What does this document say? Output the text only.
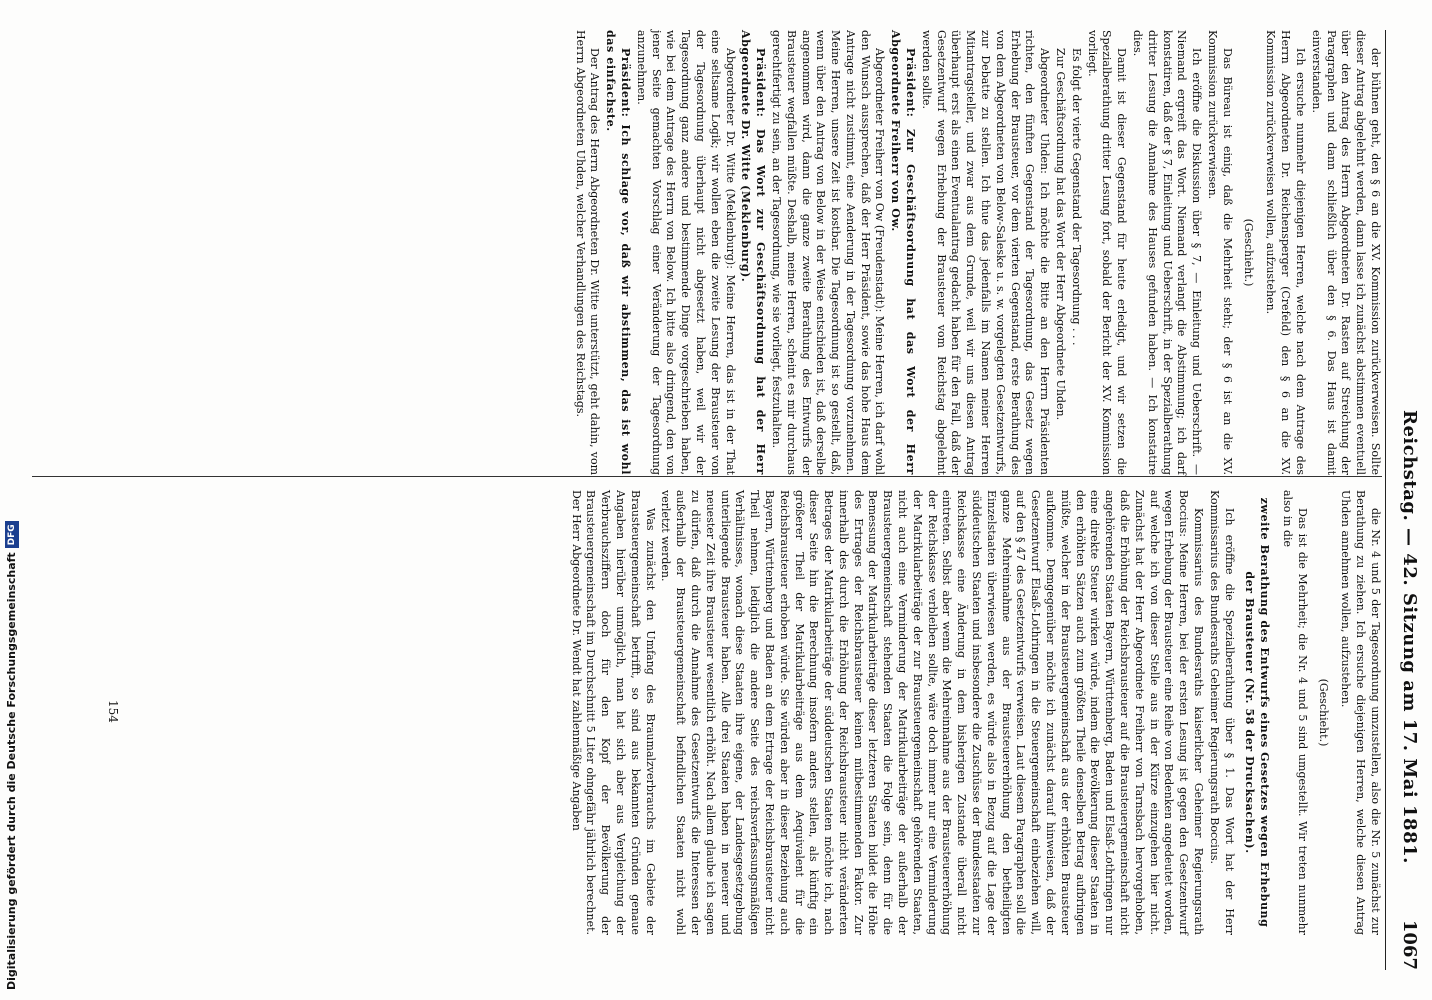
Reichstag. — 42. Sitzung am 17. Mai 1881.
1067

der bühnen geht, den § 6 an die XV. Kommission zurückverweisen. Sollte dieser Antrag abgelehnt werden, dann lasse ich zunächst abstimmen eventuell über den Antrag des Herrn Abgeordneten Dr. Rasten auf Streichung der Paragraphen und dann schließlich über den § 6. Das Haus ist damit einverstanden.

Ich ersuche nunmehr diejenigen Herren, welche nach dem Antrage des Herrn Abgeordneten Dr. Reichensperger (Crefeld) den § 6 an die XV. Kommission zurückverweisen wollen, aufzustehen.

(Geschieht.)

Das Büreau ist einig, daß die Mehrheit steht; der § 6 ist an die XV. Kommission zurückverwiesen.

Ich eröffne die Diskussion über § 7, — Einleitung und Ueberschrift. — Niemand ergreift das Wort. Niemand verlangt die Abstimmung; ich darf konstatiren, daß der § 7, Einleitung und Ueberschrift, in der Spezialberathung dritter Lesung die Annahme des Hauses gefunden haben. — Ich konstatire dies.

Damit ist dieser Gegenstand für heute erledigt, und wir setzen die Spezialberathung dritter Lesung fort, sobald der Bericht der XV. Kommission vorliegt.

Es folgt der vierte Gegenstand der Tagesordnung . . .

Zur Geschäftsordnung hat das Wort der Herr Abgeordnete Uhden.

Abgeordneter Uhden: Ich möchte die Bitte an den Herrn Präsidenten richten, den fünften Gegenstand der Tagesordnung, das Gesetz wegen Erhebung der Brausteuer, vor dem vierten Gegenstand, erste Berathung des von dem Abgeordneten von Below-Saleske u. s. w. vorgelegten Gesetzentwurfs, zur Debatte zu stellen. Ich thue das jedenfalls im Namen meiner Herren Mitantragsteller, und zwar aus dem Grunde, weil wir uns diesen Antrag überhaupt erst als einen Eventualantrag gedacht haben für den Fall, daß der Gesetzentwurf wegen Erhebung der Brausteuer vom Reichstag abgelehnt werden sollte.

Präsident: Zur Geschäftsordnung hat das Wort der Herr Abgeordnete Freiherr von Ow.

Abgeordneter Freiherr von Ow (Freudenstadt): Meine Herren, ich darf wohl den Wunsch aussprechen, daß der Herr Präsident, sowie das hohe Haus dem Antrage nicht zustimmt, eine Aenderung in der Tagesordnung vorzunehmen. Meine Herren, unsere Zeit ist kostbar. Die Tagesordnung ist so gestellt, daß, wenn über den Antrag von Below in der Weise entschieden ist, daß derselbe angenommen wird, dann die ganze zweite Berathung des Entwurfs der Brausteuer wegfallen müßte. Deshalb, meine Herren, scheint es mir durchaus gerechtfertigt zu sein, an der Tagesordnung, wie sie vorliegt, festzuhalten.

Präsident: Das Wort zur Geschäftsordnung hat der Herr Abgeordnete Dr. Witte (Meklenburg).

Abgeordneter Dr. Witte (Meklenburg): Meine Herren, das ist in der That eine seltsame Logik; wir wollen eben die zweite Lesung der Brausteuer von der Tagesordnung überhaupt nicht abgesetzt haben, weil wir der Tagesordnung ganz andere und bestimmende Dinge vorgeschrieben haben, wie bei dem Antrage des Herrn von Below. Ich bitte also dringend, den von jener Seite gemachten Vorschlag einer Veränderung der Tagesordnung anzunehmen.

Präsident: Ich schlage vor, daß wir abstimmen, das ist wohl das einfachste.

Der Antrag des Herrn Abgeordneten Dr. Witte unterstützt, geht dahin, vom Herrn Abgeordneten Uhden, welcher Verhandlungen des Reichstags.

die Nr. 4 und 5 der Tagesordnung umzustellen, also die Nr. 5 zunächst zur Berathung zu ziehen. Ich ersuche diejenigen Herren, welche diesen Antrag Uhden annehmen wollen, aufzustehen.

(Geschieht.)

Das ist die Mehrheit; die Nr. 4 und 5 sind umgestellt. Wir treten nunmehr also in die

zweite Berathung des Entwurfs eines Gesetzes wegen Erhebung der Brausteuer (Nr. 58 der Drucksachen).

Ich eröffne die Spezialberathung über § 1. Das Wort hat der Herr Kommissarius des Bundesraths Geheimer Regierungsrath Boccius.

Kommissarius des Bundesraths kaiserlicher Geheimer Regierungsrath Boccius: Meine Herren, bei der ersten Lesung ist gegen den Gesetzentwurf wegen Erhebung der Brausteuer eine Reihe von Bedenken angedeutet worden, auf welche ich von dieser Stelle aus in der Kürze einzugehen hier nicht. Zunächst hat der Herr Abgeordnete Freiherr von Tarnsbach hervorgehoben, daß die Erhöhung der Reichsbrausteuer auf die Brausteuergemeinschaft nicht angehörenden Staaten Bayern, Württemberg, Baden und Elsaß-Lothringen nur eine direkte Steuer wirken würde, indem die Bevölkerung dieser Staaten in den erhöhten Sätzen auch zum größten Theile denselben Betrag aufbringen müßte, welcher in der Brausteuergemeinschaft aus der erhöhten Brausteuer aufkomme. Demgegenüber möchte ich zunächst darauf hinweisen, daß der Gesetzentwurf Elsaß-Lothringen in die Steuergemeinschaft einbeziehen will, auf den § 47 des Gesetzentwurfs verweisen. Laut diesem Paragraphen soll die ganze Mehreinnahme aus der Brausteuererhöhung den betheiligten Einzelstaaten überwiesen werden, es würde also in Bezug auf die Lage der süddeutschen Staaten und insbesondere die Zuschüsse der Bundesstaaten zur Reichskasse eine Änderung in dem bisherigen Zustande überall nicht eintreten. Selbst aber wenn die Mehreinnahme aus der Brausteuererhöhung der Reichskasse verbleiben sollte, wäre doch immer nur eine Verminderung der Matrikularbeiträge der zur Brausteuergemeinschaft gehörenden Staaten, nicht auch eine Verminderung der Matrikularbeiträge der außerhalb der Brausteuergemeinschaft stehenden Staaten die Folge sein, denn für die Bemessung der Matrikularbeiträge dieser letzteren Staaten bildet die Höhe des Ertrages der Reichsbrausteuer keinen mitbestimmenden Faktor. Zur innerhalb des durch die Erhöhung der Reichsbrausteuer nicht veränderten Betrages der Matrikularbeiträge der süddeutschen Staaten möchte ich, nach dieser Seite hin die Berechnung insofern anders stellen, als künftig ein größerer Theil der Matrikularbeiträge aus dem Aequivalent für die Reichsbrausteuer erhoben würde. Sie würden aber in dieser Beziehung auch Bayern, Württemberg und Baden an dem Ertrage der Reichsbrausteuer nicht Theil nehmen, lediglich die andere Seite des reichsverfassungsmäßigen Verhältnisses, wonach diese Staaten ihre eigene, der Landesgesetzgebung unterliegende Brausteuer haben. Alle drei Staaten haben in neuerer und neuester Zeit ihre Brausteuer wesentlich erhöht. Nach allem glaube ich sagen zu dürfen, daß durch die Annahme des Gesetzentwurfs die Interessen der außerhalb der Brausteuergemeinschaft befindlichen Staaten nicht wohl verletzt werden.

Was zunächst den Umfang des Braumalzverbrauchs im Gebiete der Brausteuergemeinschaft betrifft, so sind aus bekannten Gründen genaue Angaben hierüber unmöglich, man hat sich aber aus Vergleichung der Verbrauchsziffern doch für den Kopf der Bevölkerung der Brausteuergemeinschaft im Durchschnitt 5 Liter ohngefähr jährlich berechnet. Der Herr Abgeordnete Dr. Wendt hat zahlenmäßige Angaben

154
Digitalisierung gefördert durch die Deutsche ForschungsgemeinschaftDFG
